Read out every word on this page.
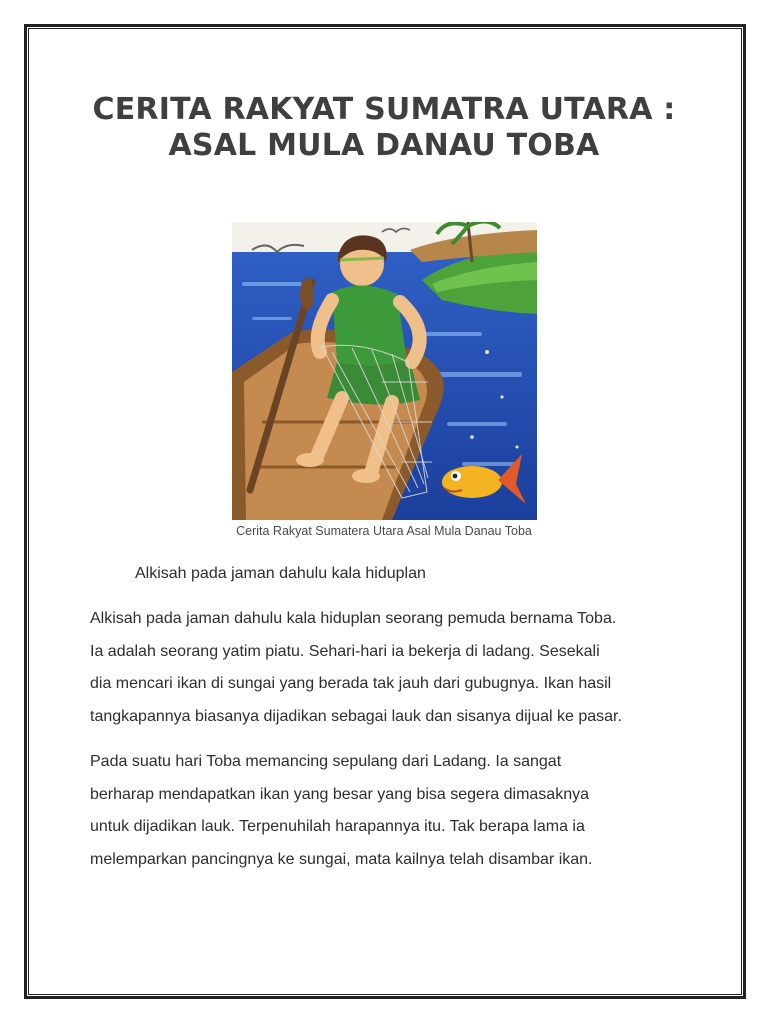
CERITA RAKYAT SUMATRA UTARA :
ASAL MULA DANAU TOBA
Cerita Rakyat Sumatera Utara Asal Mula Danau Toba
Alkisah pada jaman dahulu kala hiduplan
Alkisah pada jaman dahulu kala hiduplan seorang pemuda bernama Toba.
Ia adalah seorang yatim piatu. Sehari-hari ia bekerja di ladang. Sesekali
dia mencari ikan di sungai yang berada tak jauh dari gubugnya. Ikan hasil
tangkapannya biasanya dijadikan sebagai lauk dan sisanya dijual ke pasar.
Pada suatu hari Toba memancing sepulang dari Ladang. Ia sangat
berharap mendapatkan ikan yang besar yang bisa segera dimasaknya
untuk dijadikan lauk. Terpenuhilah harapannya itu. Tak berapa lama ia
melemparkan pancingnya ke sungai, mata kailnya telah disambar ikan.
